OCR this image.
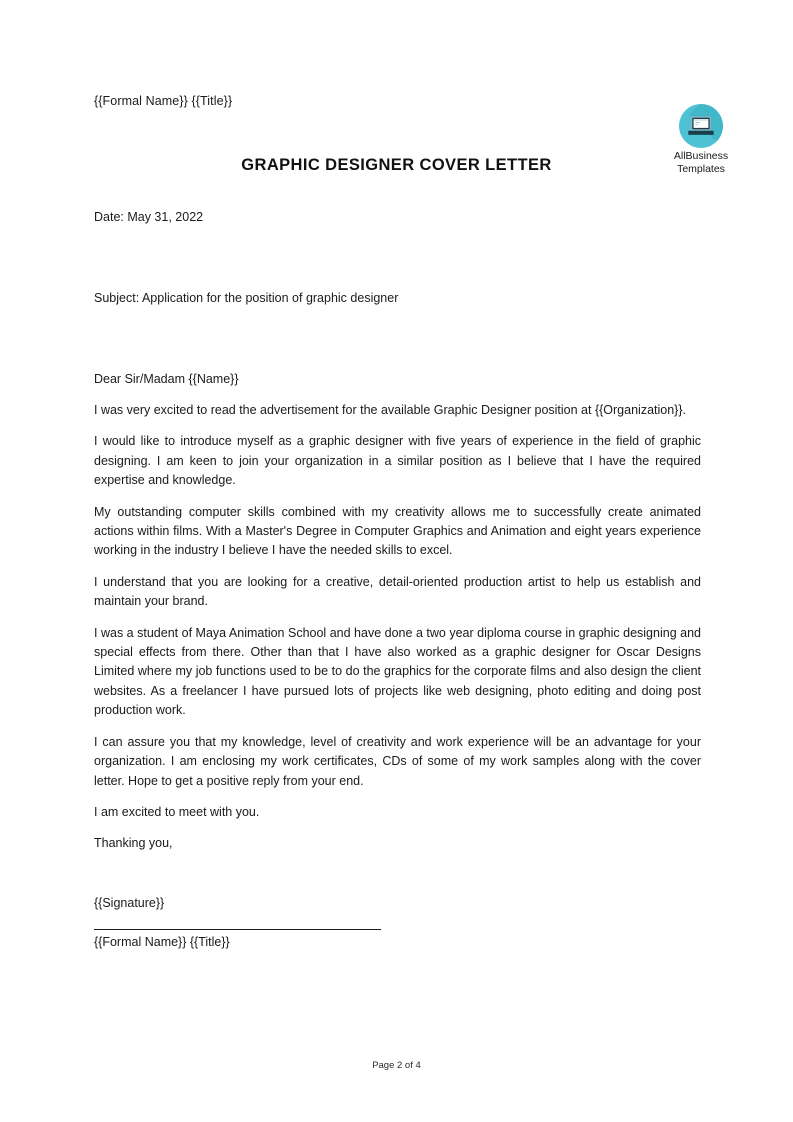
{{Formal Name}} {{Title}}
AllBusiness
Templates
GRAPHIC DESIGNER COVER LETTER
Date: May 31, 2022
Subject: Application for the position of graphic designer
Dear Sir/Madam {{Name}}

I was very excited to read the advertisement for the available Graphic Designer position at {{Organization}}.

I would like to introduce myself as a graphic designer with five years of experience in the field of graphic designing. I am keen to join your organization in a similar position as I believe that I have the required expertise and knowledge.

My outstanding computer skills combined with my creativity allows me to successfully create animated actions within films. With a Master's Degree in Computer Graphics and Animation and eight years experience working in the industry I believe I have the needed skills to excel.

I understand that you are looking for a creative, detail-oriented production artist to help us establish and maintain your brand.

I was a student of Maya Animation School and have done a two year diploma course in graphic designing and special effects from there. Other than that I have also worked as a graphic designer for Oscar Designs Limited where my job functions used to be to do the graphics for the corporate films and also design the client websites. As a freelancer I have pursued lots of projects like web designing, photo editing and doing post production work.

I can assure you that my knowledge, level of creativity and work experience will be an advantage for your organization. I am enclosing my work certificates, CDs of some of my work samples along with the cover letter. Hope to get a positive reply from your end.

I am excited to meet with you.

Thanking you,

{{Signature}}
{{Formal Name}} {{Title}}
Page 2 of 4
